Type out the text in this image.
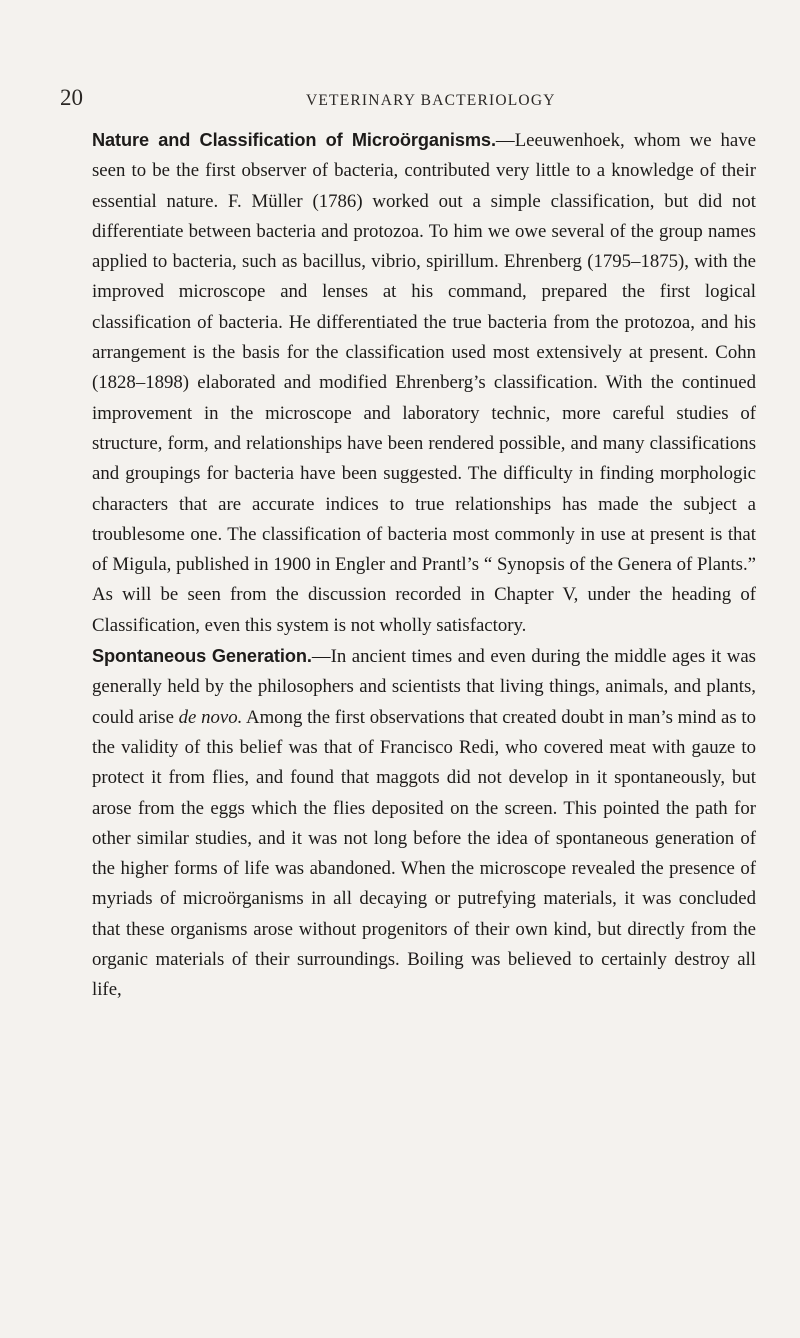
20	VETERINARY BACTERIOLOGY

Nature and Classification of Microörganisms.—Leeuwenhoek, whom we have seen to be the first observer of bacteria, contributed very little to a knowledge of their essential nature. F. Müller (1786) worked out a simple classification, but did not differentiate between bacteria and protozoa. To him we owe several of the group names applied to bacteria, such as bacillus, vibrio, spirillum. Ehrenberg (1795–1875), with the improved microscope and lenses at his command, prepared the first logical classification of bacteria. He differentiated the true bacteria from the protozoa, and his arrangement is the basis for the classification used most extensively at present. Cohn (1828–1898) elaborated and modified Ehrenberg’s classification. With the continued improvement in the microscope and laboratory technic, more careful studies of structure, form, and relationships have been rendered possible, and many classifications and groupings for bacteria have been suggested. The difficulty in finding morphologic characters that are accurate indices to true relationships has made the subject a troublesome one. The classification of bacteria most commonly in use at present is that of Migula, published in 1900 in Engler and Prantl’s “ Synopsis of the Genera of Plants.” As will be seen from the discussion recorded in Chapter V, under the heading of Classification, even this system is not wholly satisfactory.

Spontaneous Generation.—In ancient times and even during the middle ages it was generally held by the philosophers and scientists that living things, animals, and plants, could arise de novo. Among the first observations that created doubt in man’s mind as to the validity of this belief was that of Francisco Redi, who covered meat with gauze to protect it from flies, and found that maggots did not develop in it spontaneously, but arose from the eggs which the flies deposited on the screen. This pointed the path for other similar studies, and it was not long before the idea of spontaneous generation of the higher forms of life was abandoned. When the microscope revealed the presence of myriads of microörganisms in all decaying or putrefying materials, it was concluded that these organisms arose without progenitors of their own kind, but directly from the organic materials of their surroundings. Boiling was believed to certainly destroy all life,
